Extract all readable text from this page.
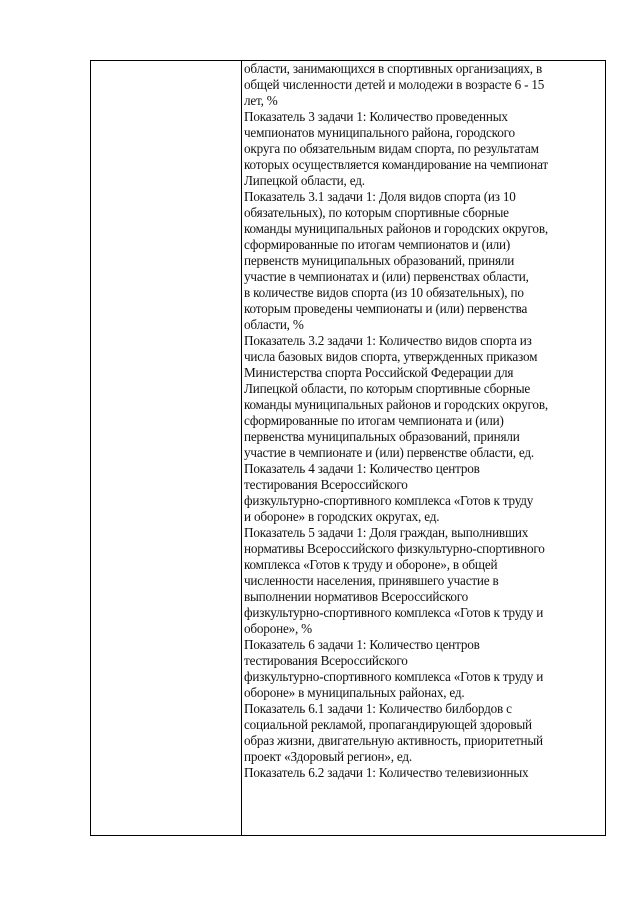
области, занимающихся в спортивных организациях, в
общей численности детей и молодежи в возрасте 6 - 15
лет, %
Показатель 3 задачи 1: Количество проведенных
чемпионатов муниципального района, городского
округа по обязательным видам спорта, по результатам
которых осуществляется командирование на чемпионат
Липецкой области, ед.
Показатель 3.1 задачи 1: Доля видов спорта (из 10
обязательных), по которым спортивные сборные
команды муниципальных районов и городских округов,
сформированные по итогам чемпионатов и (или)
первенств муниципальных образований, приняли
участие в чемпионатах и (или) первенствах области,
в количестве видов спорта (из 10 обязательных), по
которым проведены чемпионаты и (или) первенства
области, %
Показатель 3.2 задачи 1: Количество видов спорта из
числа базовых видов спорта, утвержденных приказом
Министерства спорта Российской Федерации для
Липецкой области, по которым спортивные сборные
команды муниципальных районов и городских округов,
сформированные по итогам чемпионата и (или)
первенства муниципальных образований, приняли
участие в чемпионате и (или) первенстве области, ед.
Показатель 4 задачи 1: Количество центров
тестирования Всероссийского
физкультурно-спортивного комплекса «Готов к труду
и обороне» в городских округах, ед.
Показатель 5 задачи 1: Доля граждан, выполнивших
нормативы Всероссийского физкультурно-спортивного
комплекса «Готов к труду и обороне», в общей
численности населения, принявшего участие в
выполнении нормативов Всероссийского
физкультурно-спортивного комплекса «Готов к труду и
обороне», %
Показатель 6 задачи 1: Количество центров
тестирования Всероссийского
физкультурно-спортивного комплекса «Готов к труду и
обороне» в муниципальных районах, ед.
Показатель 6.1 задачи 1: Количество билбордов с
социальной рекламой, пропагандирующей здоровый
образ жизни, двигательную активность, приоритетный
проект «Здоровый регион», ед.
Показатель 6.2 задачи 1: Количество телевизионных
